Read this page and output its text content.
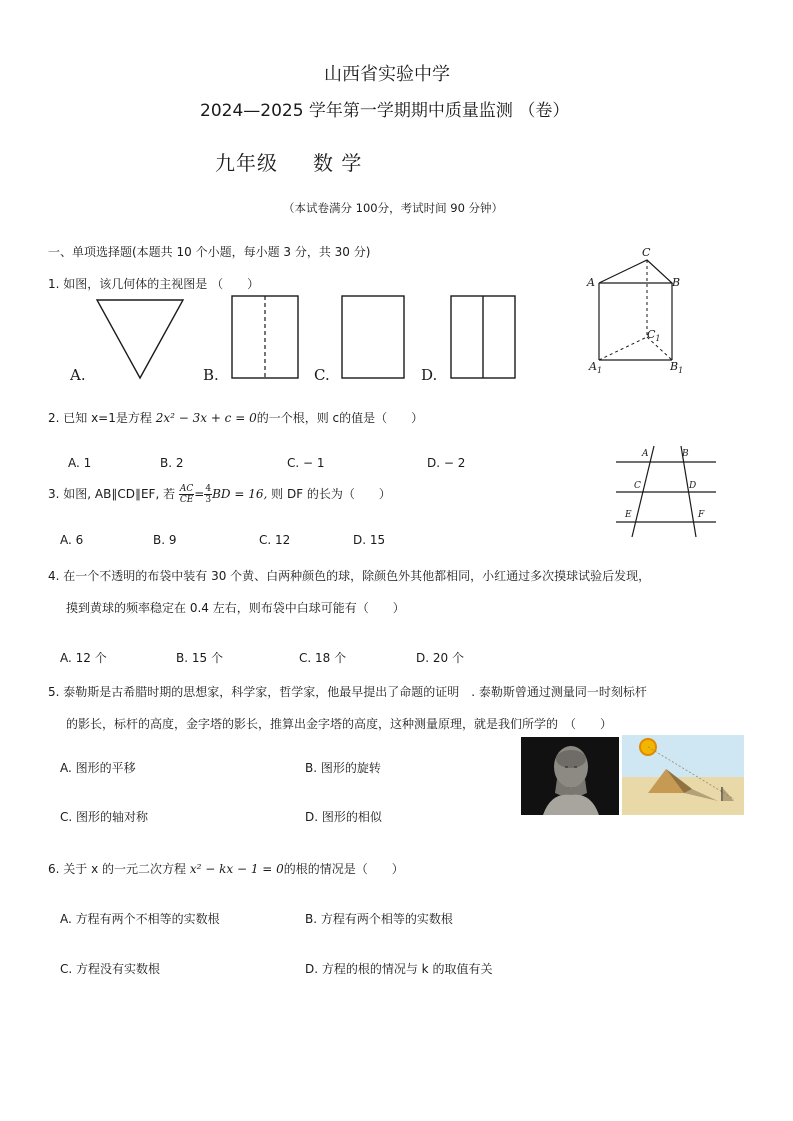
山西省实验中学
2024—2025 学年第一学期期中质量监测 （卷）
九年级 数 学
（本试卷满分 100分，考试时间 90 分钟）
一、单项选择题(本题共 10 个小题，每小题 3 分，共 30 分)
1. 如图，该几何体的主视图是 （　　）
A.	B.	C.	D.
C
A	B
$C_1$
$A_1$	$B_1$
2. 已知 x=1是方程 2x² − 3x + c = 0的一个根，则 c的值是（　　）
A. 1	B. 2	C. − 1	D. − 2
A	B
C	D
E	F
3. 如图, AB∥CD∥EF, 若 $\frac{AC}{CE} = \frac{4}{3}$ BD = 16, 则 DF 的长为（　　）
A. 6	B. 9	C. 12	D. 15
4. 在一个不透明的布袋中装有 30 个黄、白两种颜色的球，除颜色外其他都相同，小红通过多次摸球试验后发现，
摸到黄球的频率稳定在 0.4 左右，则布袋中白球可能有（　　）
A. 12 个	B. 15 个	C. 18 个	D. 20 个
5. 泰勒斯是古希腊时期的思想家，科学家，哲学家，他最早提出了命题的证明　. 泰勒斯曾通过测量同一时刻标杆
的影长，标杆的高度，金字塔的影长，推算出金字塔的高度，这种测量原理，就是我们所学的　（　　）
A. 图形的平移	B. 图形的旋转
C. 图形的轴对称	D. 图形的相似
6. 关于 x 的一元二次方程 x² − kx − 1 = 0的根的情况是（　　）
A. 方程有两个不相等的实数根	B. 方程有两个相等的实数根
C. 方程没有实数根	D. 方程的根的情况与 k 的取值有关
